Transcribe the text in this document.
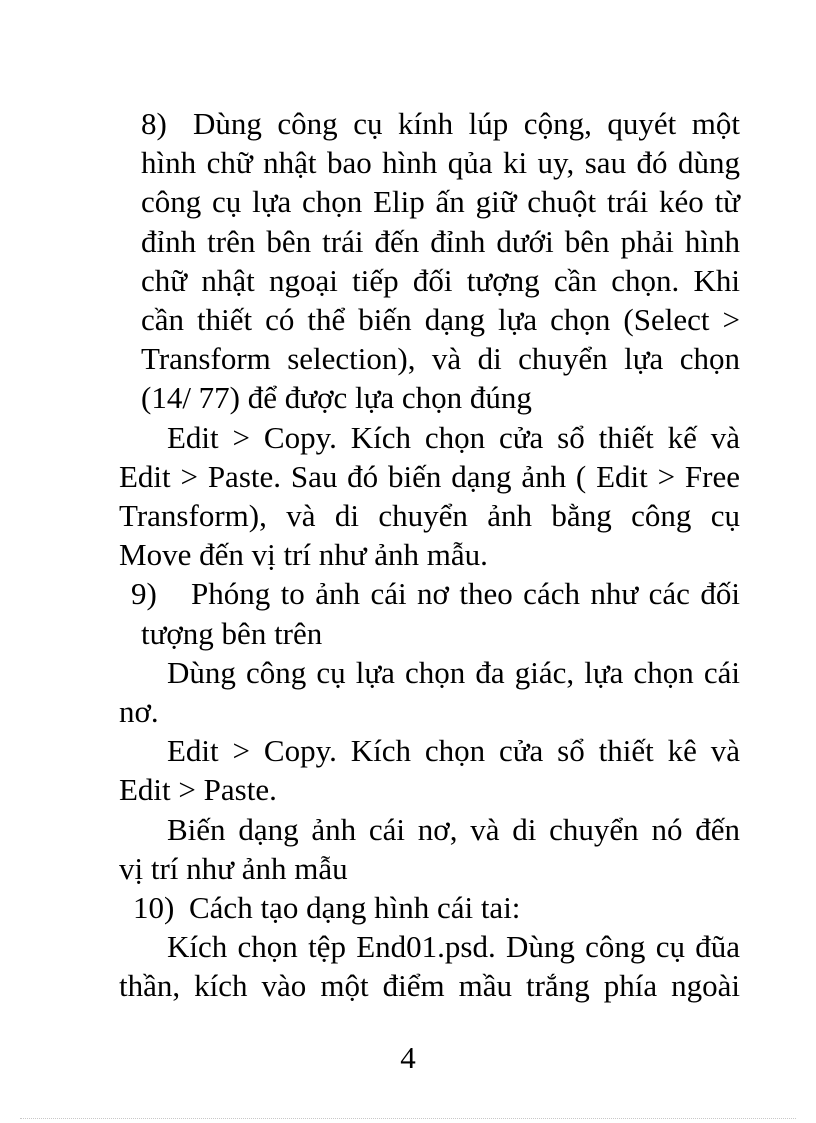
8) Dùng công cụ kính lúp cộng, quyét một
hình chữ nhật bao hình qủa ki uy, sau đó dùng
công cụ lựa chọn Elip ấn giữ chuột trái kéo từ
đỉnh trên bên trái đến đỉnh dưới bên phải hình
chữ nhật ngoại tiếp đối tượng cần chọn. Khi
cần thiết có thể biến dạng lựa chọn (Select >
Transform selection), và di chuyển lựa chọn
(14/ 77) để được lựa chọn đúng
Edit > Copy. Kích chọn cửa sổ thiết kế và
Edit > Paste. Sau đó biến dạng ảnh ( Edit > Free
Transform), và di chuyển ảnh bằng công cụ
Move đến vị trí như ảnh mẫu.
9)	Phóng to ảnh cái nơ theo cách như các đối
tượng bên trên
Dùng công cụ lựa chọn đa giác, lựa chọn cái
nơ.
Edit > Copy. Kích chọn cửa sổ thiết kê và
Edit > Paste.
Biến dạng ảnh cái nơ, và di chuyển nó đến
vị trí như ảnh mẫu
10) Cách tạo dạng hình cái tai:
Kích chọn tệp End01.psd. Dùng công cụ đũa
thần, kích vào một điểm mầu trắng phía ngoài
4
